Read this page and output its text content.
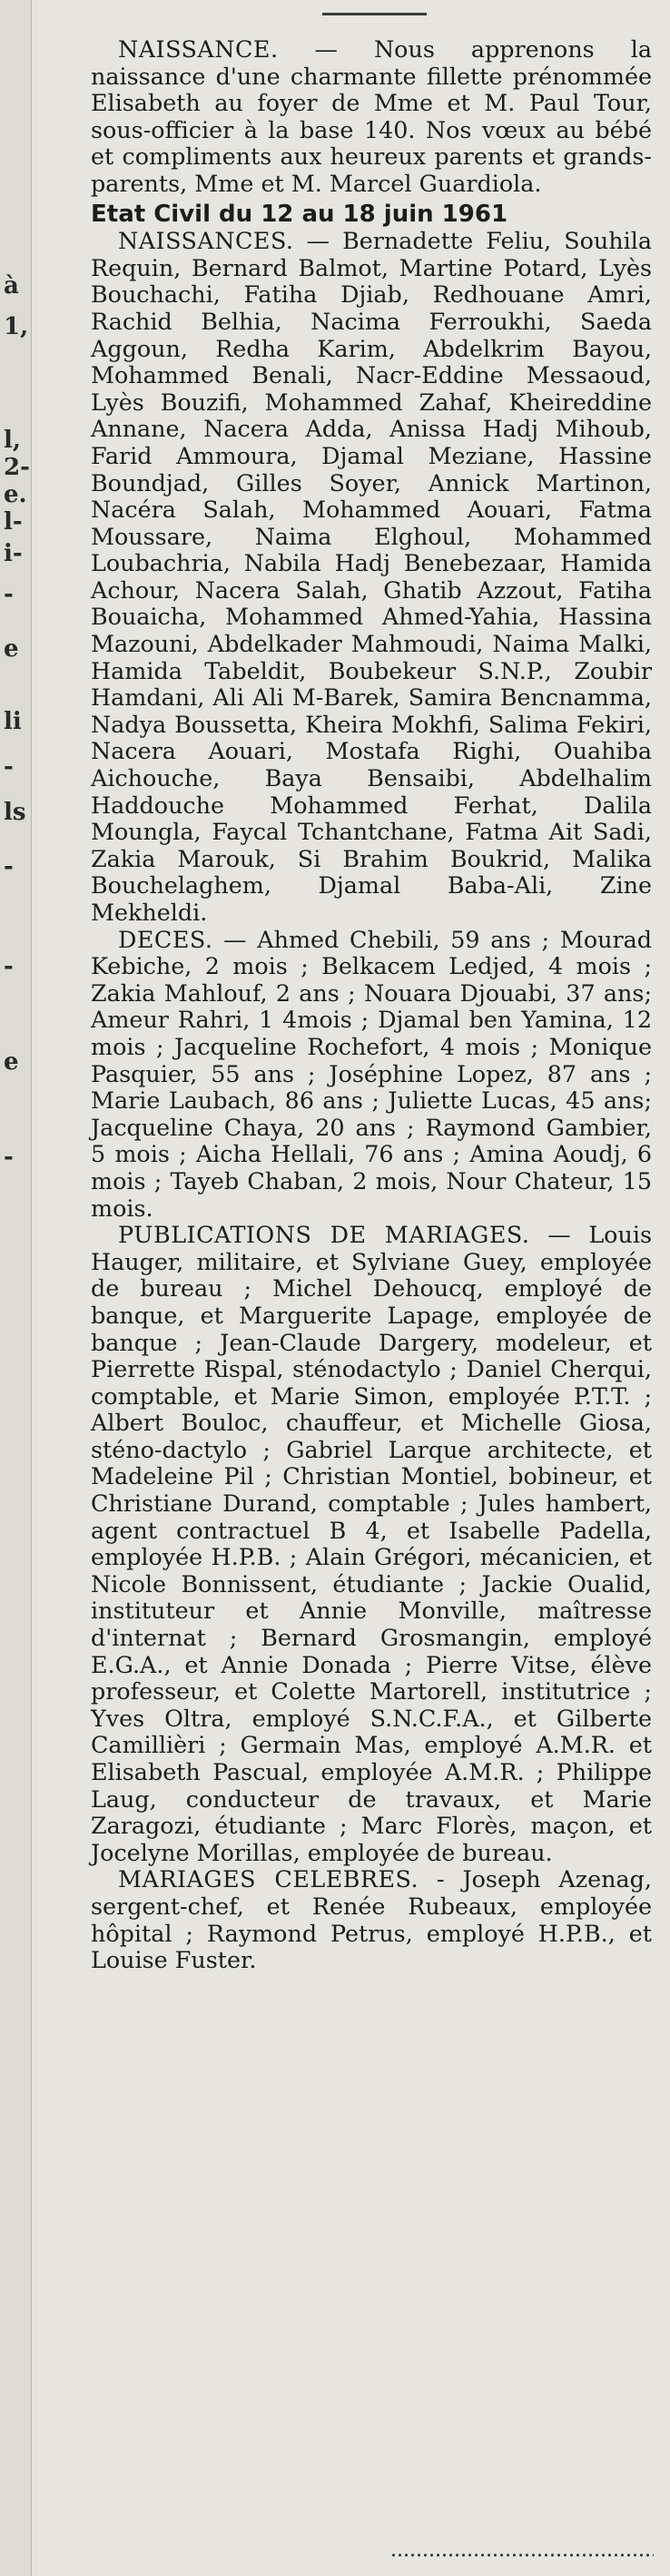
à
1,
l,
2-
e.
l-
i-
-
e
li
-
ls
-
-
e
-

NAISSANCE. — Nous apprenons la naissance d'une charmante fillette prénommée Elisabeth au foyer de Mme et M. Paul Tour, sous-officier à la base 140. Nos vœux au bébé et compliments aux heureux parents et grands-parents, Mme et M. Marcel Guardiola.

Etat Civil du 12 au 18 juin 1961

NAISSANCES. — Bernadette Feliu, Souhila Requin, Bernard Balmot, Martine Potard, Lyès Bouchachi, Fatiha Djiab, Redhouane Amri, Rachid Belhia, Nacima Ferroukhi, Saeda Aggoun, Redha Karim, Abdelkrim Bayou, Mohammed Benali, Nacr-Eddine Messaoud, Lyès Bouzifi, Mohammed Zahaf, Kheireddine Annane, Nacera Adda, Anissa Hadj Mihoub, Farid Ammoura, Djamal Meziane, Hassine Boundjad, Gilles Soyer, Annick Martinon, Nacéra Salah, Mohammed Aouari, Fatma Moussare, Naima Elghoul, Mohammed Loubachria, Nabila Hadj Benebezaar, Hamida Achour, Nacera Salah, Ghatib Azzout, Fatiha Bouaicha, Mohammed Ahmed-Yahia, Hassina Mazouni, Abdelkader Mahmoudi, Naima Malki, Hamida Tabeldit, Boubekeur S.N.P., Zoubir Hamdani, Ali Ali M-Barek, Samira Bencnamma, Nadya Boussetta, Kheira Mokhfi, Salima Fekiri, Nacera Aouari, Mostafa Righi, Ouahiba Aichouche, Baya Bensaibi, Abdelhalim Haddouche Mohammed Ferhat, Dalila Moungla, Faycal Tchantchane, Fatma Ait Sadi, Zakia Marouk, Si Brahim Boukrid, Malika Bouchelaghem, Djamal Baba-Ali, Zine Mekheldi.

DECES. — Ahmed Chebili, 59 ans ; Mourad Kebiche, 2 mois ; Belkacem Ledjed, 4 mois ; Zakia Mahlouf, 2 ans ; Nouara Djouabi, 37 ans; Ameur Rahri, 1 4mois ; Djamal ben Yamina, 12 mois ; Jacqueline Rochefort, 4 mois ; Monique Pasquier, 55 ans ; Joséphine Lopez, 87 ans ; Marie Laubach, 86 ans ; Juliette Lucas, 45 ans; Jacqueline Chaya, 20 ans ; Raymond Gambier, 5 mois ; Aicha Hellali, 76 ans ; Amina Aoudj, 6 mois ; Tayeb Chaban, 2 mois, Nour Chateur, 15 mois.

PUBLICATIONS DE MARIAGES. — Louis Hauger, militaire, et Sylviane Guey, employée de bureau ; Michel Dehoucq, employé de banque, et Marguerite Lapage, employée de banque ; Jean-Claude Dargery, modeleur, et Pierrette Rispal, sténodactylo ; Daniel Cherqui, comptable, et Marie Simon, employée P.T.T. ; Albert Bouloc, chauffeur, et Michelle Giosa, sténo-dactylo ; Gabriel Larque architecte, et Madeleine Pil ; Christian Montiel, bobineur, et Christiane Durand, comptable ; Jules hambert, agent contractuel B 4, et Isabelle Padella, employée H.P.B. ; Alain Grégori, mécanicien, et Nicole Bonnissent, étudiante ; Jackie Oualid, instituteur et Annie Monville, maîtresse d'internat ; Bernard Grosmangin, employé E.G.A., et Annie Donada ; Pierre Vitse, élève professeur, et Colette Martorell, institutrice ; Yves Oltra, employé S.N.C.F.A., et Gilberte Camillièri ; Germain Mas, employé A.M.R. et Elisabeth Pascual, employée A.M.R. ; Philippe Laug, conducteur de travaux, et Marie Zaragozi, étudiante ; Marc Florès, maçon, et Jocelyne Morillas, employée de bureau.

MARIAGES CELEBRES. - Joseph Azenag, sergent-chef, et Renée Rubeaux, employée hôpital ; Raymond Petrus, employé H.P.B., et Louise Fuster.
